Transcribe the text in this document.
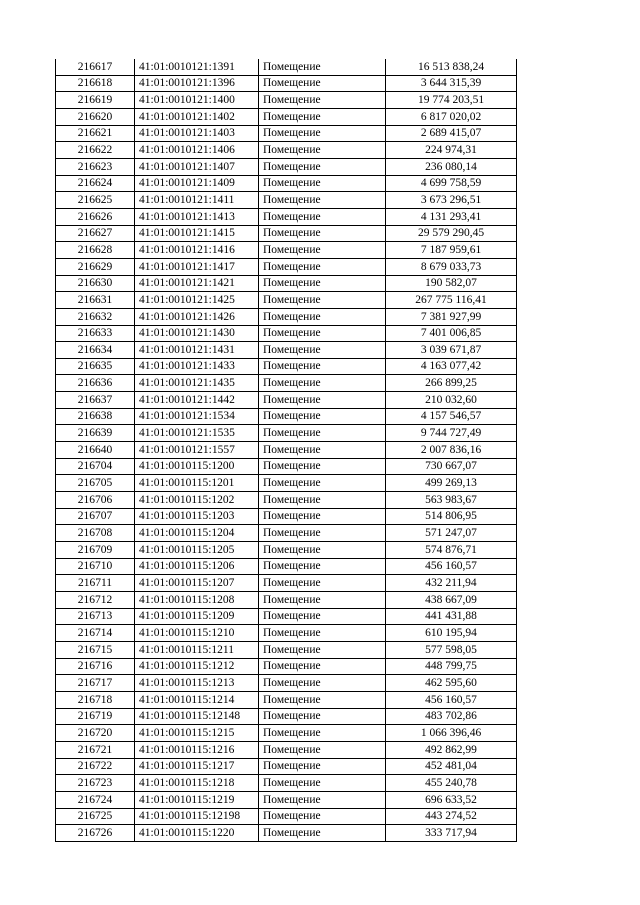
216617	41:01:0010121:1391	Помещение	16 513 838,24
216618	41:01:0010121:1396	Помещение	3 644 315,39
216619	41:01:0010121:1400	Помещение	19 774 203,51
216620	41:01:0010121:1402	Помещение	6 817 020,02
216621	41:01:0010121:1403	Помещение	2 689 415,07
216622	41:01:0010121:1406	Помещение	224 974,31
216623	41:01:0010121:1407	Помещение	236 080,14
216624	41:01:0010121:1409	Помещение	4 699 758,59
216625	41:01:0010121:1411	Помещение	3 673 296,51
216626	41:01:0010121:1413	Помещение	4 131 293,41
216627	41:01:0010121:1415	Помещение	29 579 290,45
216628	41:01:0010121:1416	Помещение	7 187 959,61
216629	41:01:0010121:1417	Помещение	8 679 033,73
216630	41:01:0010121:1421	Помещение	190 582,07
216631	41:01:0010121:1425	Помещение	267 775 116,41
216632	41:01:0010121:1426	Помещение	7 381 927,99
216633	41:01:0010121:1430	Помещение	7 401 006,85
216634	41:01:0010121:1431	Помещение	3 039 671,87
216635	41:01:0010121:1433	Помещение	4 163 077,42
216636	41:01:0010121:1435	Помещение	266 899,25
216637	41:01:0010121:1442	Помещение	210 032,60
216638	41:01:0010121:1534	Помещение	4 157 546,57
216639	41:01:0010121:1535	Помещение	9 744 727,49
216640	41:01:0010121:1557	Помещение	2 007 836,16
216704	41:01:0010115:1200	Помещение	730 667,07
216705	41:01:0010115:1201	Помещение	499 269,13
216706	41:01:0010115:1202	Помещение	563 983,67
216707	41:01:0010115:1203	Помещение	514 806,95
216708	41:01:0010115:1204	Помещение	571 247,07
216709	41:01:0010115:1205	Помещение	574 876,71
216710	41:01:0010115:1206	Помещение	456 160,57
216711	41:01:0010115:1207	Помещение	432 211,94
216712	41:01:0010115:1208	Помещение	438 667,09
216713	41:01:0010115:1209	Помещение	441 431,88
216714	41:01:0010115:1210	Помещение	610 195,94
216715	41:01:0010115:1211	Помещение	577 598,05
216716	41:01:0010115:1212	Помещение	448 799,75
216717	41:01:0010115:1213	Помещение	462 595,60
216718	41:01:0010115:1214	Помещение	456 160,57
216719	41:01:0010115:12148	Помещение	483 702,86
216720	41:01:0010115:1215	Помещение	1 066 396,46
216721	41:01:0010115:1216	Помещение	492 862,99
216722	41:01:0010115:1217	Помещение	452 481,04
216723	41:01:0010115:1218	Помещение	455 240,78
216724	41:01:0010115:1219	Помещение	696 633,52
216725	41:01:0010115:12198	Помещение	443 274,52
216726	41:01:0010115:1220	Помещение	333 717,94
